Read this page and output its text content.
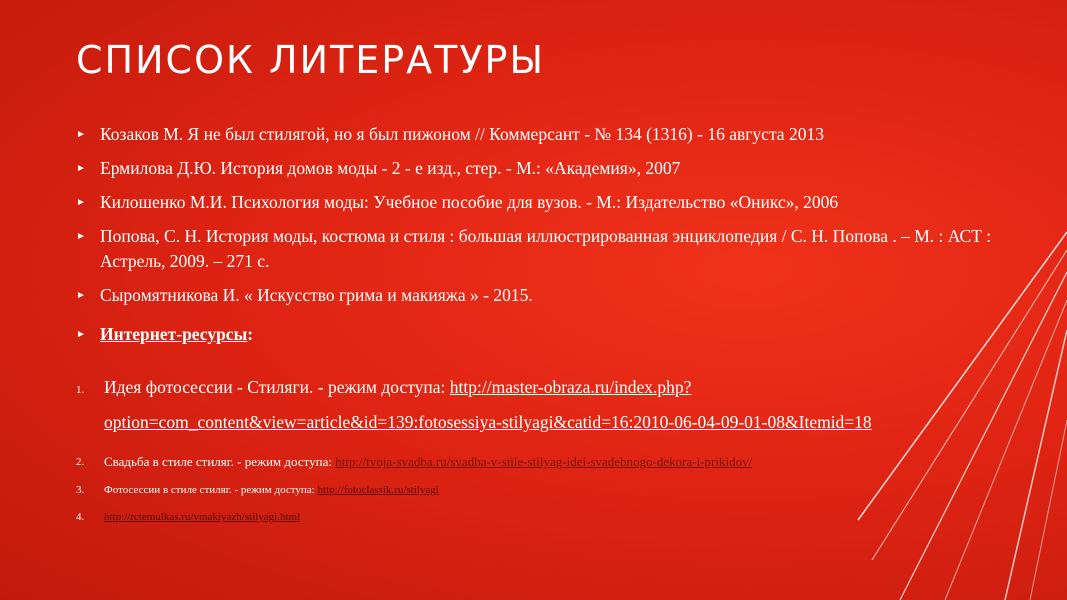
СПИСОК ЛИТЕРАТУРЫ
► Козаков М. Я не был стилягой, но я был пижоном // Коммерсант - № 134 (1316) - 16 августа 2013
► Ермилова Д.Ю. История домов моды - 2 - е изд., стер. - М.: «Академия», 2007
► Килошенко М.И. Психология моды: Учебное пособие для вузов. - М.: Издательство «Оникс», 2006
► Попова, С. Н. История моды, костюма и стиля : большая иллюстрированная энциклопедия / С. Н. Попова . – М. : АСТ : Астрель, 2009. – 271 с.
► Сыромятникова И. « Искусство грима и макияжа » - 2015.
► Интернет-ресурсы:
1. Идея фотосессии - Стиляги. - режим доступа: http://master-obraza.ru/index.php?option=com_content&view=article&id=139:fotosessiya-stilyagi&catid=16:2010-06-04-09-01-08&Itemid=18
2. Свадьба в стиле стиляг. - режим доступа: http://tvoja-svadba.ru/svadba-v-stile-stilyag-idei-svadebnogo-dekora-i-prikidov/
3. Фотосессии в стиле стиляг. - режим доступа: http://fotoclassik.ru/stilyagi
4. http://rctemulkas.ru/vmakiyazh/stilyagi.html
